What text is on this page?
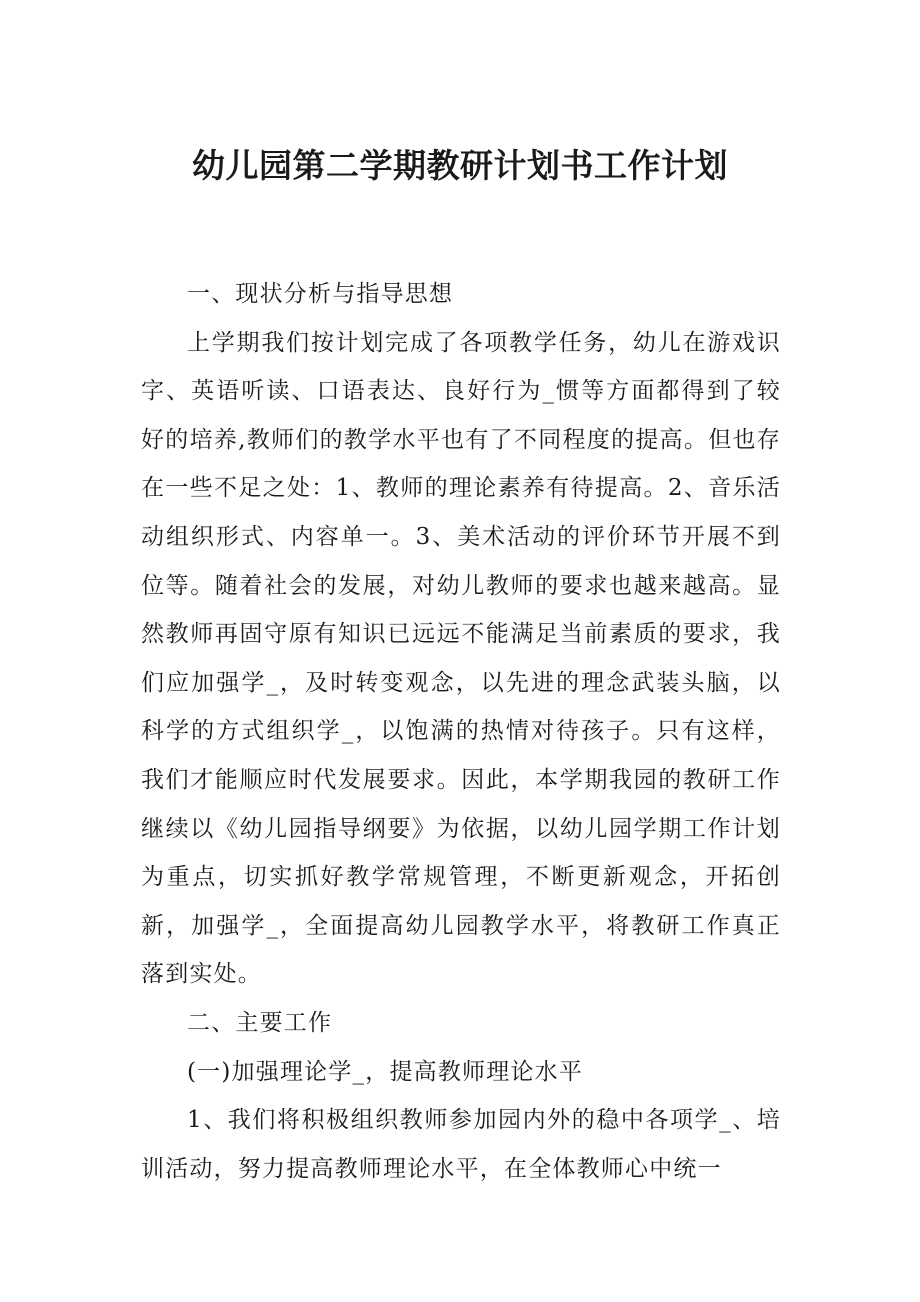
幼儿园第二学期教研计划书工作计划

一、现状分析与指导思想

上学期我们按计划完成了各项教学任务，幼儿在游戏识字、英语听读、口语表达、良好行为_惯等方面都得到了较好的培养,教师们的教学水平也有了不同程度的提高。但也存在一些不足之处：1、教师的理论素养有待提高。2、音乐活动组织形式、内容单一。3、美术活动的评价环节开展不到位等。随着社会的发展，对幼儿教师的要求也越来越高。显然教师再固守原有知识已远远不能满足当前素质的要求，我们应加强学_，及时转变观念，以先进的理念武装头脑，以科学的方式组织学_，以饱满的热情对待孩子。只有这样，我们才能顺应时代发展要求。因此，本学期我园的教研工作继续以《幼儿园指导纲要》为依据，以幼儿园学期工作计划为重点，切实抓好教学常规管理，不断更新观念，开拓创新，加强学_，全面提高幼儿园教学水平，将教研工作真正落到实处。

二、主要工作

(一)加强理论学_，提高教师理论水平

1、我们将积极组织教师参加园内外的稳中各项学_、培训活动，努力提高教师理论水平，在全体教师心中统一
